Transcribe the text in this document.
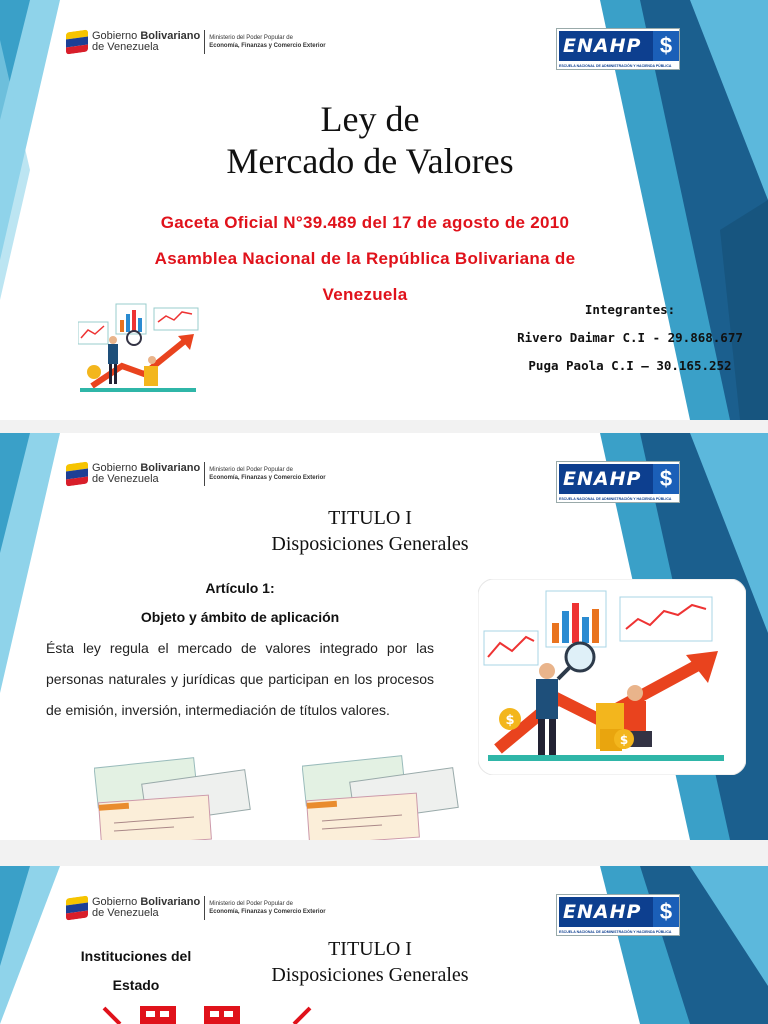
Gobierno Bolivariano
de Venezuela
Ministerio del Poder Popular de
Economía, Finanzas y Comercio Exterior	ENAHP $
ESCUELA NACIONAL DE ADMINISTRACIÓN Y HACIENDA PÚBLICA
Ley de
Mercado de Valores
Gaceta Oficial N°39.489 del 17 de agosto de 2010
Asamblea Nacional de la República Bolivariana de
Venezuela
Integrantes:
Rivero Daimar C.I - 29.868.677
Puga Paola C.I – 30.165.252
Gobierno Bolivariano
de Venezuela
Ministerio del Poder Popular de
Economía, Finanzas y Comercio Exterior	ENAHP $
ESCUELA NACIONAL DE ADMINISTRACIÓN Y HACIENDA PÚBLICA
TITULO I
Disposiciones Generales
Artículo 1:
Objeto y ámbito de aplicación
Ésta ley regula el mercado de valores integrado por las personas naturales y jurídicas que participan en los procesos de emisión, inversión, intermediación de títulos valores.
$
$
Gobierno Bolivariano
de Venezuela
Ministerio del Poder Popular de
Economía, Finanzas y Comercio Exterior	ENAHP $
ESCUELA NACIONAL DE ADMINISTRACIÓN Y HACIENDA PÚBLICA
Instituciones del
Estado
TITULO I
Disposiciones Generales
